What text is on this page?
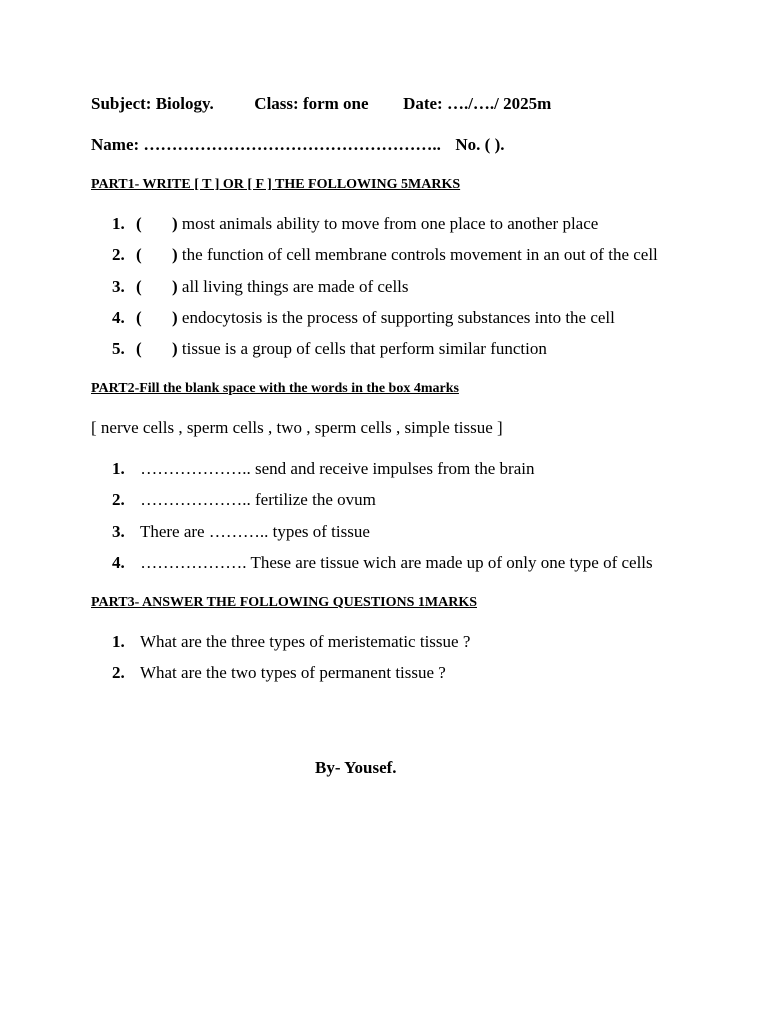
Subject: Biology. Class: form one Date: …./…./ 2025m
Name: …………………………………………….. No. ( ).
PART1- WRITE [ T ] OR [ F ] THE FOLLOWING 5MARKS
1. ( ) most animals ability to move from one place to another place
2. ( ) the function of cell membrane controls movement in an out of the cell
3. ( ) all living things are made of cells
4. ( ) endocytosis is the process of supporting substances into the cell
5. ( ) tissue is a group of cells that perform similar function
PART2-Fill the blank space with the words in the box 4marks
[ nerve cells , sperm cells , two , sperm cells , simple tissue ]
1. ……………….. send and receive impulses from the brain
2. ……………….. fertilize the ovum
3. There are ……….. types of tissue
4. ………………. These are tissue wich are made up of only one type of cells
PART3- ANSWER THE FOLLOWING QUESTIONS 1MARKS
1. What are the three types of meristematic tissue ?
2. What are the two types of permanent tissue ?
By- Yousef.
